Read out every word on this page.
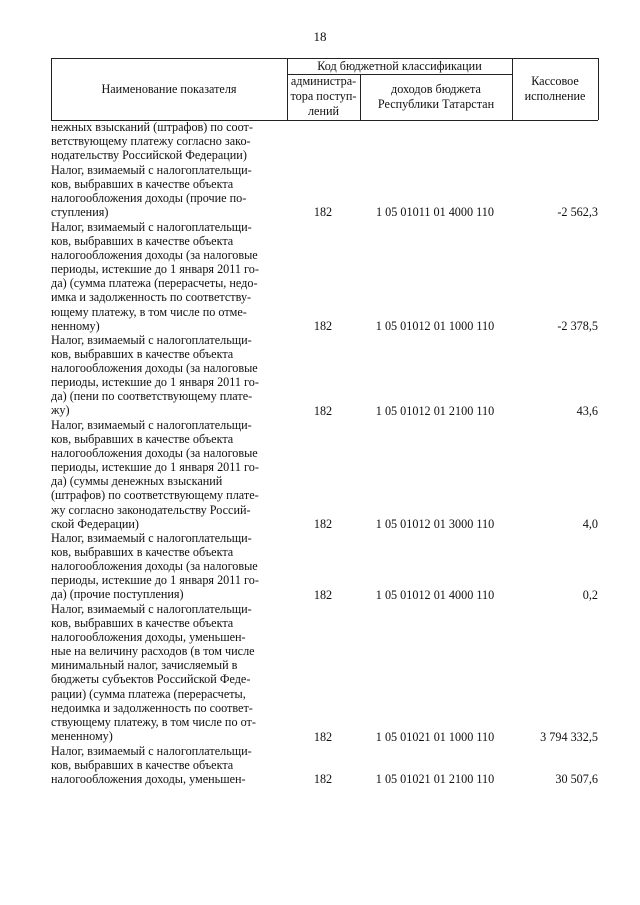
18
Наименование показателя
Код бюджетной классификации
администра-
тора поступ-
лений
доходов бюджета
Республики Татарстан
Кассовое
исполнение
нежных взысканий (штрафов) по соот-
ветствующему платежу согласно зако-
нодательству Российской Федерации)
Налог, взимаемый с налогоплательщи-
ков, выбравших в качестве объекта
налогообложения доходы (прочие по-
ступления)	182	1 05 01011 01 4000 110	-2 562,3
Налог, взимаемый с налогоплательщи-
ков, выбравших в качестве объекта
налогообложения доходы (за налоговые
периоды, истекшие до 1 января 2011 го-
да) (сумма платежа (перерасчеты, недо-
имка и задолженность по соответству-
ющему платежу, в том числе по отме-
ненному)	182	1 05 01012 01 1000 110	-2 378,5
Налог, взимаемый с налогоплательщи-
ков, выбравших в качестве объекта
налогообложения доходы (за налоговые
периоды, истекшие до 1 января 2011 го-
да) (пени по соответствующему плате-
жу)	182	1 05 01012 01 2100 110	43,6
Налог, взимаемый с налогоплательщи-
ков, выбравших в качестве объекта
налогообложения доходы (за налоговые
периоды, истекшие до 1 января 2011 го-
да) (суммы денежных взысканий
(штрафов) по соответствующему плате-
жу согласно законодательству Россий-
ской Федерации)	182	1 05 01012 01 3000 110	4,0
Налог, взимаемый с налогоплательщи-
ков, выбравших в качестве объекта
налогообложения доходы (за налоговые
периоды, истекшие до 1 января 2011 го-
да) (прочие поступления)	182	1 05 01012 01 4000 110	0,2
Налог, взимаемый с налогоплательщи-
ков, выбравших в качестве объекта
налогообложения доходы, уменьшен-
ные на величину расходов (в том числе
минимальный налог, зачисляемый в
бюджеты субъектов Российской Феде-
рации) (сумма платежа (перерасчеты,
недоимка и задолженность по соответ-
ствующему платежу, в том числе по от-
мененному)	182	1 05 01021 01 1000 110	3 794 332,5
Налог, взимаемый с налогоплательщи-
ков, выбравших в качестве объекта
налогообложения доходы, уменьшен-	182	1 05 01021 01 2100 110	30 507,6
